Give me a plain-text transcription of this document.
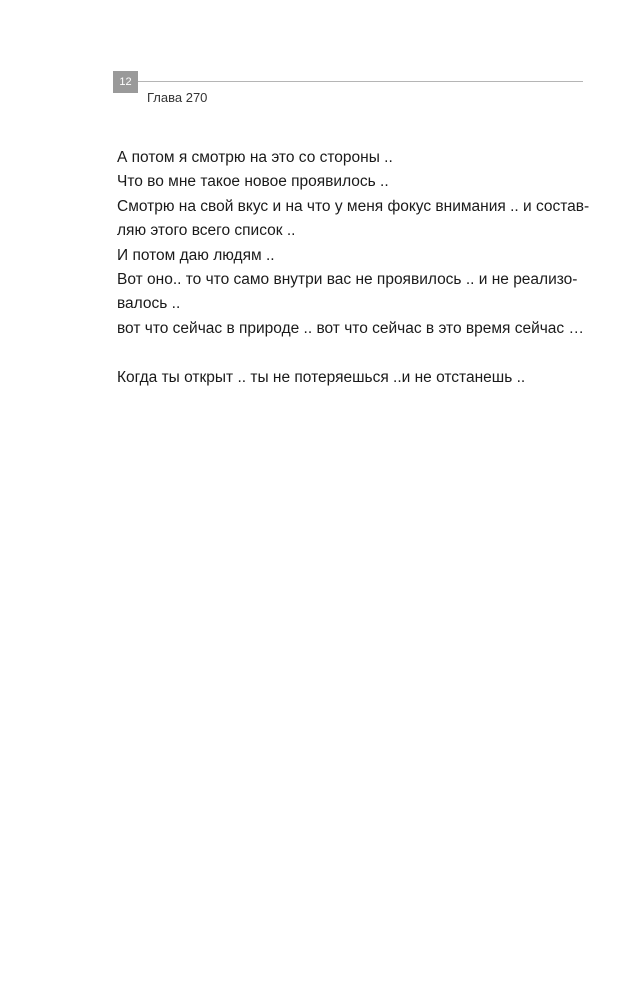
12
Глава 270
А потом я смотрю на это со стороны ..
Что во мне такое новое проявилось ..
Смотрю на свой вкус и на что у меня фокус внимания .. и состав-
ляю этого всего список ..
И потом даю людям ..
Вот оно.. то что само внутри вас не проявилось .. и не реализо-
валось ..
вот что сейчас в природе .. вот что сейчас в это время сейчас …
Когда ты открыт .. ты не потеряешься ..и не отстанешь ..
